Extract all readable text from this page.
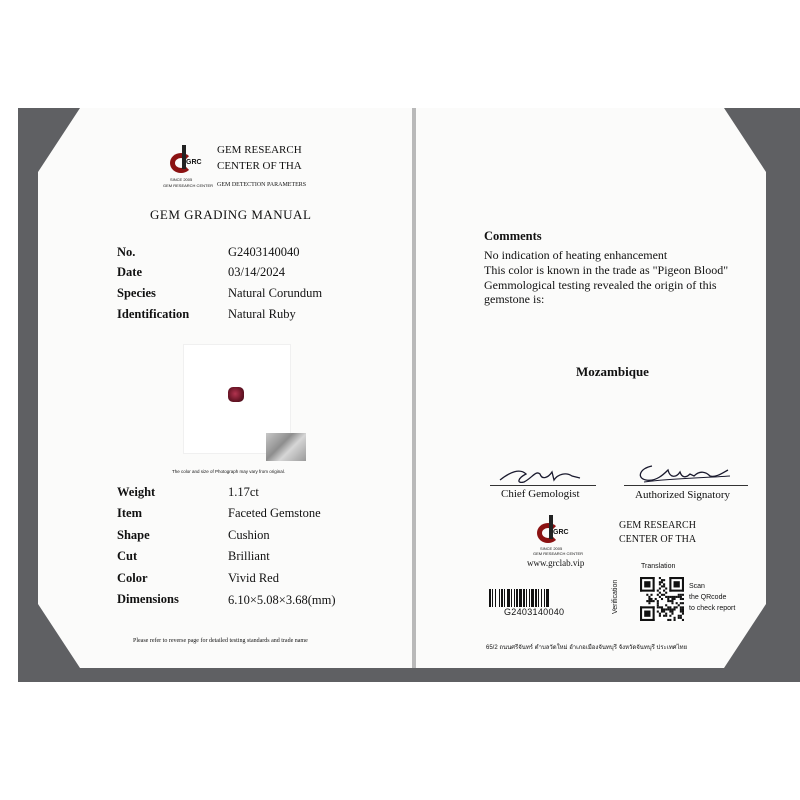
GRC
SINCE 2005
GEM RESEARCH CENTER
GEM RESEARCH
CENTER OF THA
GEM DETECTION PARAMETERS
GEM GRADING MANUAL
No.	G2403140040
Date	03/14/2024
Species	Natural Corundum
Identification	Natural Ruby
The color and size of Photograph may vary from original.
Weight	1.17ct
Item	Faceted Gemstone
Shape	Cushion
Cut	Brilliant
Color	Vivid Red
Dimensions	6.10×5.08×3.68(mm)
Please refer to reverse page for detailed testing standards and trade name
Comments
No indication of heating enhancement
This color is known in the trade as "Pigeon Blood"
Gemmological testing revealed the origin of this
gemstone is:
Mozambique
Chief Gemologist	Authorized Signatory
GRC
SINCE 2005
GEM RESEARCH CENTER
www.grclab.vip
GEM RESEARCH
CENTER OF THA
G2403140040
Translation
Verification	Scan
the QRcode
to check report
65/2 ถนนศรีจันทร์ ตำบลวัดใหม่ อำเภอเมืองจันทบุรี จังหวัดจันทบุรี ประเทศไทย
